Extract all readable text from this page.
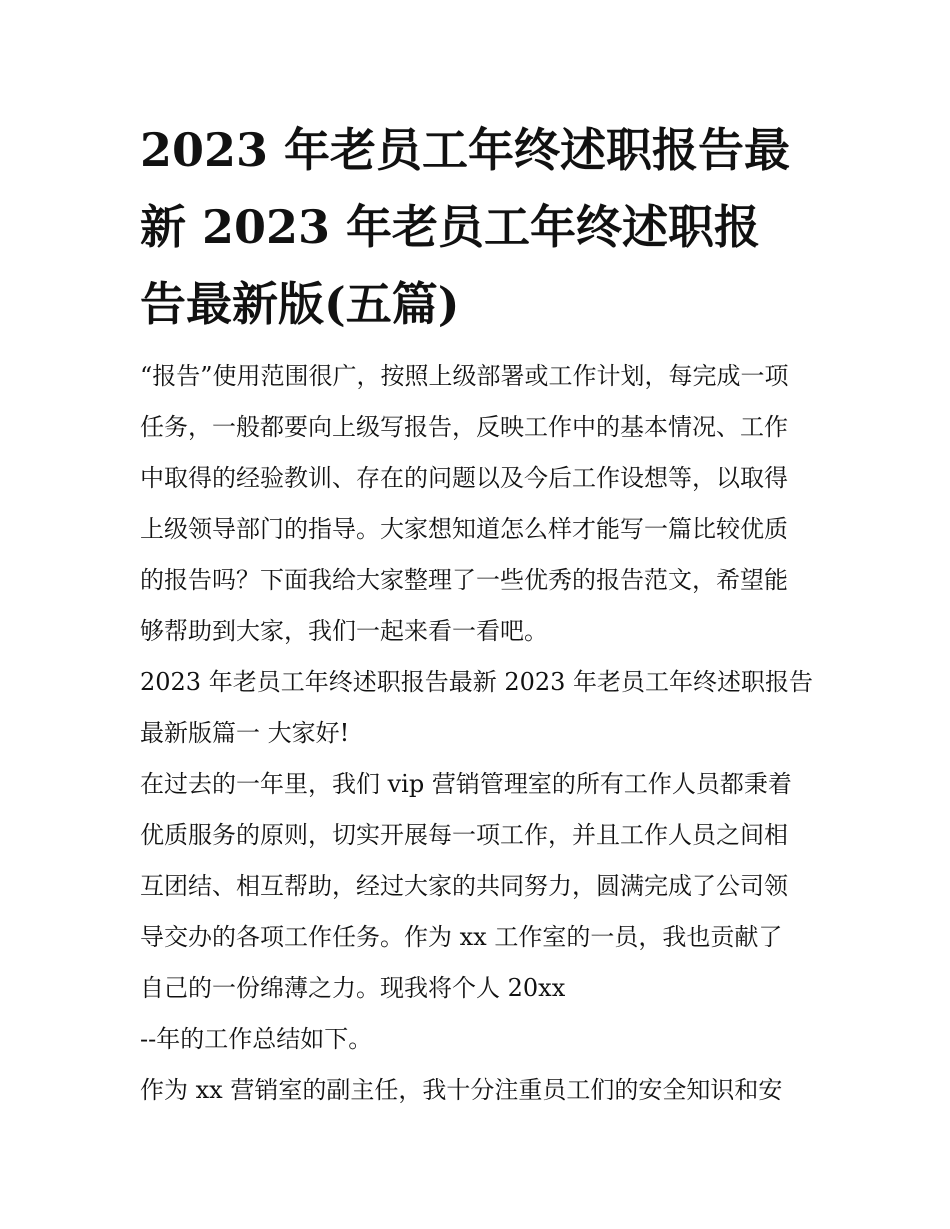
2023 年老员工年终述职报告最
新 2023 年老员工年终述职报
告最新版(五篇)
“报告”使用范围很广，按照上级部署或工作计划，每完成一项
任务，一般都要向上级写报告，反映工作中的基本情况、工作
中取得的经验教训、存在的问题以及今后工作设想等，以取得
上级领导部门的指导。大家想知道怎么样才能写一篇比较优质
的报告吗？下面我给大家整理了一些优秀的报告范文，希望能
够帮助到大家，我们一起来看一看吧。
2023 年老员工年终述职报告最新 2023 年老员工年终述职报告
最新版篇一 大家好!
在过去的一年里，我们 vip 营销管理室的所有工作人员都秉着
优质服务的原则，切实开展每一项工作，并且工作人员之间相
互团结、相互帮助，经过大家的共同努力，圆满完成了公司领
导交办的各项工作任务。作为 xx 工作室的一员，我也贡献了
自己的一份绵薄之力。现我将个人 20xx
--年的工作总结如下。
作为 xx 营销室的副主任，我十分注重员工们的安全知识和安
